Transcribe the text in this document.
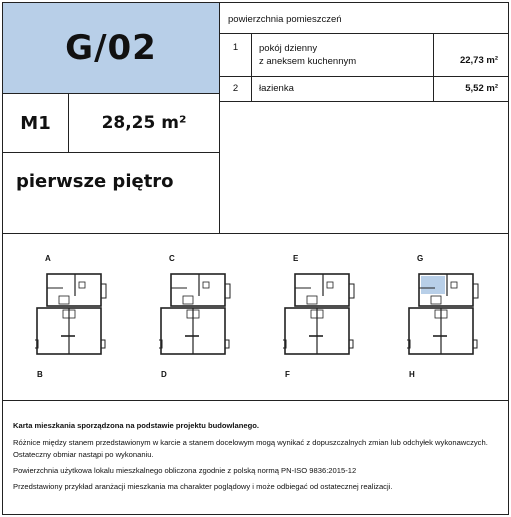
G/02
M1	28,25 m²
pierwsze piętro
powierzchnia pomieszczeń
1	pokój dzienny
z aneksem kuchennym	22,73 m²
2	łazienka	5,52 m²
A
B
C
D
E
F
G
H

Karta mieszkania sporządzona na podstawie projektu budowlanego.

Różnice między stanem przedstawionym w karcie a stanem docelowym mogą wynikać z dopuszczalnych zmian lub odchyłek wykonawczych. Ostateczny obmiar nastąpi po wykonaniu.

Powierzchnia użytkowa lokalu mieszkalnego obliczona zgodnie z polską normą PN-ISO 9836:2015-12

Przedstawiony przykład aranżacji mieszkania ma charakter poglądowy i może odbiegać od ostatecznej realizacji.
